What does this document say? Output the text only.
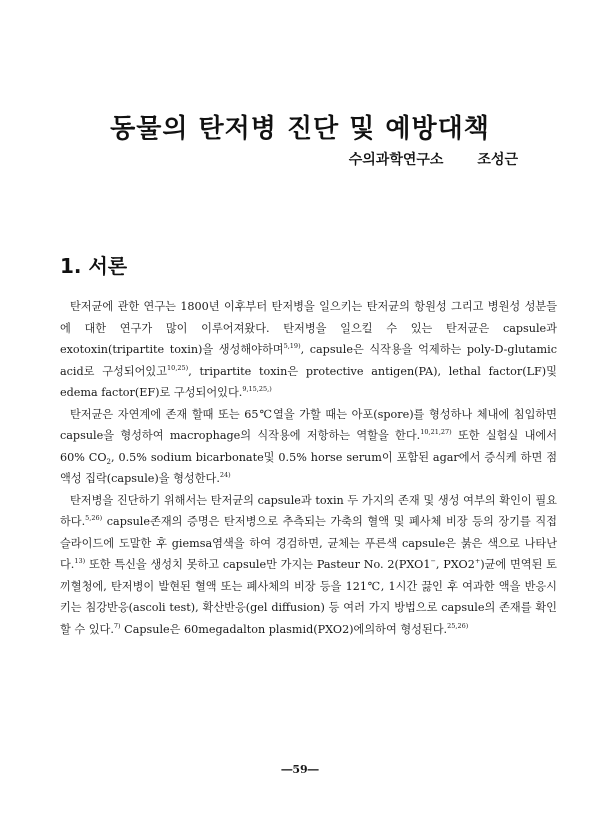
동물의 탄저병 진단 및 예방대책
수의과학연구소 조성근
1. 서론

탄저균에 관한 연구는 1800년 이후부터 탄저병을 일으키는 탄저균의 항원성 그리고 병원성 성분들에 대한 연구가 많이 이루어져왔다. 탄저병을 일으킬 수 있는 탄저균은 capsule과 exotoxin(tripartite toxin)을 생성해야하며$^{5,19)}$, capsule은 식작용을 억제하는 poly-D-glutamic acid로 구성되어있고$^{10,25)}$, tripartite toxin은 protective antigen(PA), lethal factor(LF)및 edema factor(EF)로 구성되어있다.$^{9,15,25,)}$

탄저균은 자연계에 존재 할때 또는 65℃열을 가할 때는 아포(spore)를 형성하나 체내에 침입하면 capsule을 형성하여 macrophage의 식작용에 저항하는 역할을 한다.$^{10,21,27)}$ 또한 실험실 내에서 60% $CO_2$, 0.5% sodium bicarbonate및 0.5% horse serum이 포함된 agar에서 증식케 하면 점액성 집락(capsule)을 형성한다.$^{24)}$

탄저병을 진단하기 위해서는 탄저균의 capsule과 toxin 두 가지의 존재 및 생성 여부의 확인이 필요하다.$^{5,26)}$ capsule존재의 증명은 탄저병으로 추측되는 가축의 혈액 및 폐사체 비장 등의 장기를 직접 슬라이드에 도말한 후 giemsa염색을 하여 경검하면, 균체는 푸른색 capsule은 붉은 색으로 나타난다.$^{13)}$ 또한 특신을 생성치 못하고 capsule만 가지는 Pasteur No. 2(PXO1−, PXO2+)균에 면역된 토끼혈청에, 탄저병이 발현된 혈액 또는 폐사체의 비장 등을 121℃, 1시간 끓인 후 여과한 액을 반응시키는 침강반응(ascoli test), 확산반응(gel diffusion) 등 여러 가지 방법으로 capsule의 존재를 확인할 수 있다.$^{7)}$ Capsule은 60megadalton plasmid(PXO2)에의하여 형성된다.$^{25,26)}$

―59―
